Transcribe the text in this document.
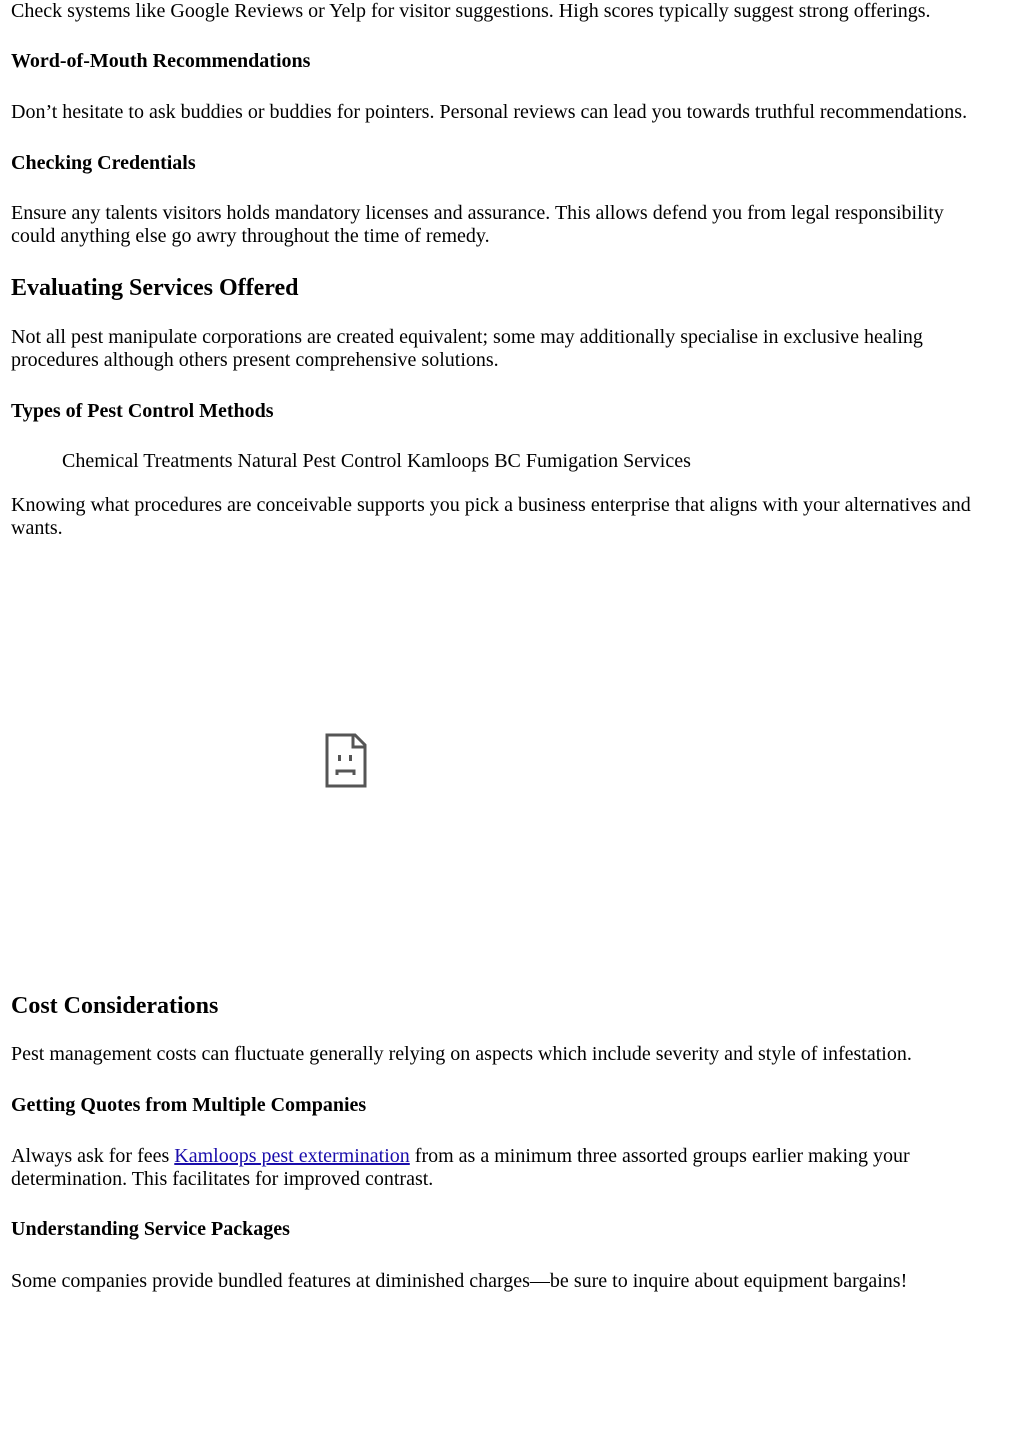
Check systems like Google Reviews or Yelp for visitor suggestions. High scores typically suggest strong offerings.

Word-of-Mouth Recommendations

Don’t hesitate to ask buddies or buddies for pointers. Personal reviews can lead you towards truthful recommendations.

Checking Credentials

Ensure any talents visitors holds mandatory licenses and assurance. This allows defend you from legal responsibility could anything else go awry throughout the time of remedy.

Evaluating Services Offered

Not all pest manipulate corporations are created equivalent; some may additionally specialise in exclusive healing procedures although others present comprehensive solutions.

Types of Pest Control Methods
Chemical Treatments Natural Pest Control Kamloops BC Fumigation Services

Knowing what procedures are conceivable supports you pick a business enterprise that aligns with your alternatives and wants.

Cost Considerations

Pest management costs can fluctuate generally relying on aspects which include severity and style of infestation.

Getting Quotes from Multiple Companies

Always ask for fees Kamloops pest extermination from as a minimum three assorted groups earlier making your determination. This facilitates for improved contrast.

Understanding Service Packages

Some companies provide bundled features at diminished charges—be sure to inquire about equipment bargains!
